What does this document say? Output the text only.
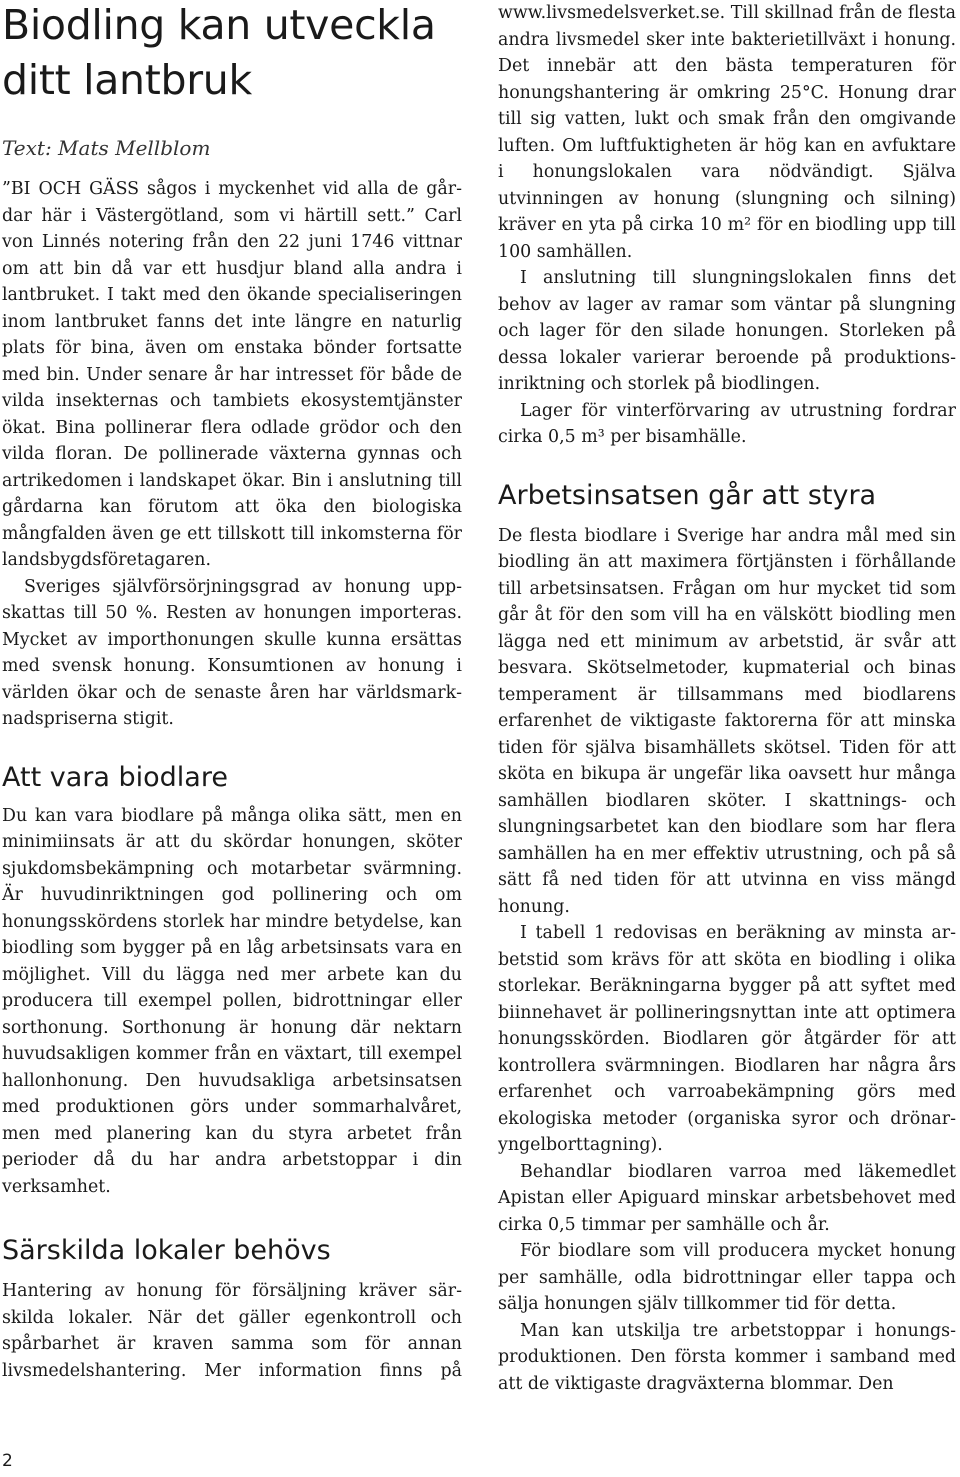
Biodling kan utveckla ditt lantbruk
Text: Mats Mellblom

”BI OCH GÄSS sågos i myckenhet vid alla de gårdar här i Västergötland, som vi härtill sett.” Carl von Linnés notering från den 22 juni 1746 vittnar om att bin då var ett husdjur bland alla andra i lantbruket. I takt med den ökande specialiseringen inom lantbruket fanns det inte längre en naturlig plats för bina, även om enstaka bönder fortsatte med bin. Under senare år har intresset för både de vilda insekternas och tambiets ekosystemtjänster ökat. Bina pollinerar flera odlade grödor och den vilda floran. De pollinerade växterna gynnas och artrikedomen i landskapet ökar. Bin i anslutning till gårdarna kan förutom att öka den biologiska mångfalden även ge ett tillskott till inkomsterna för landsbygdsföretagaren.

Sveriges självförsörjningsgrad av honung uppskattas till 50 %. Resten av honungen importeras. Mycket av importhonungen skulle kunna ersättas med svensk honung. Konsumtionen av honung i världen ökar och de senaste åren har världsmarknadspriserna stigit.

Att vara biodlare

Du kan vara biodlare på många olika sätt, men en minimiinsats är att du skördar honungen, sköter sjukdomsbekämpning och motarbetar svärmning. Är huvudinriktningen god pollinering och om honungsskördens storlek har mindre betydelse, kan biodling som bygger på en låg arbetsinsats vara en möjlighet. Vill du lägga ned mer arbete kan du producera till exempel pollen, bidrottningar eller sorthonung. Sorthonung är honung där nektarn huvudsakligen kommer från en växtart, till exempel hallonhonung. Den huvudsakliga arbetsinsatsen med produktionen görs under sommarhalvåret, men med planering kan du styra arbetet från perioder då du har andra arbetstoppar i din verksamhet.

Särskilda lokaler behövs

Hantering av honung för försäljning kräver särskilda lokaler. När det gäller egenkontroll och spårbarhet är kraven samma som för annan livsmedelshantering. Mer information finns på

www.livsmedelsverket.se. Till skillnad från de flesta andra livsmedel sker inte bakterietillväxt i honung. Det innebär att den bästa temperaturen för honungshantering är omkring 25°C. Honung drar till sig vatten, lukt och smak från den omgivande luften. Om luftfuktigheten är hög kan en avfuktare i honungslokalen vara nödvändigt. Själva utvinningen av honung (slungning och silning) kräver en yta på cirka 10 m² för en biodling upp till 100 samhällen.

I anslutning till slungningslokalen finns det behov av lager av ramar som väntar på slungning och lager för den silade honungen. Storleken på dessa lokaler varierar beroende på produktionsinriktning och storlek på biodlingen.

Lager för vinterförvaring av utrustning fordrar cirka 0,5 m³ per bisamhälle.

Arbetsinsatsen går att styra

De flesta biodlare i Sverige har andra mål med sin biodling än att maximera förtjänsten i förhållande till arbetsinsatsen. Frågan om hur mycket tid som går åt för den som vill ha en välskött biodling men lägga ned ett minimum av arbetstid, är svår att besvara. Skötselmetoder, kupmaterial och binas temperament är tillsammans med biodlarens erfarenhet de viktigaste faktorerna för att minska tiden för själva bisamhällets skötsel. Tiden för att sköta en bikupa är ungefär lika oavsett hur många samhällen biodlaren sköter. I skattnings- och slungningsarbetet kan den biodlare som har flera samhällen ha en mer effektiv utrustning, och på så sätt få ned tiden för att utvinna en viss mängd honung.

I tabell 1 redovisas en beräkning av minsta arbetstid som krävs för att sköta en biodling i olika storlekar. Beräkningarna bygger på att syftet med biinnehavet är pollineringsnyttan inte att optimera honungsskörden. Biodlaren gör åtgärder för att kontrollera svärmningen. Biodlaren har några års erfarenhet och varroabekämpning görs med ekologiska metoder (organiska syror och drönaryngelborttagning).

Behandlar biodlaren varroa med läkemedlet Apistan eller Apiguard minskar arbetsbehovet med cirka 0,5 timmar per samhälle och år.

För biodlare som vill producera mycket honung per samhälle, odla bidrottningar eller tappa och sälja honungen själv tillkommer tid för detta.

Man kan utskilja tre arbetstoppar i honungsproduktionen. Den första kommer i samband med att de viktigaste dragväxterna blommar. Den

2
